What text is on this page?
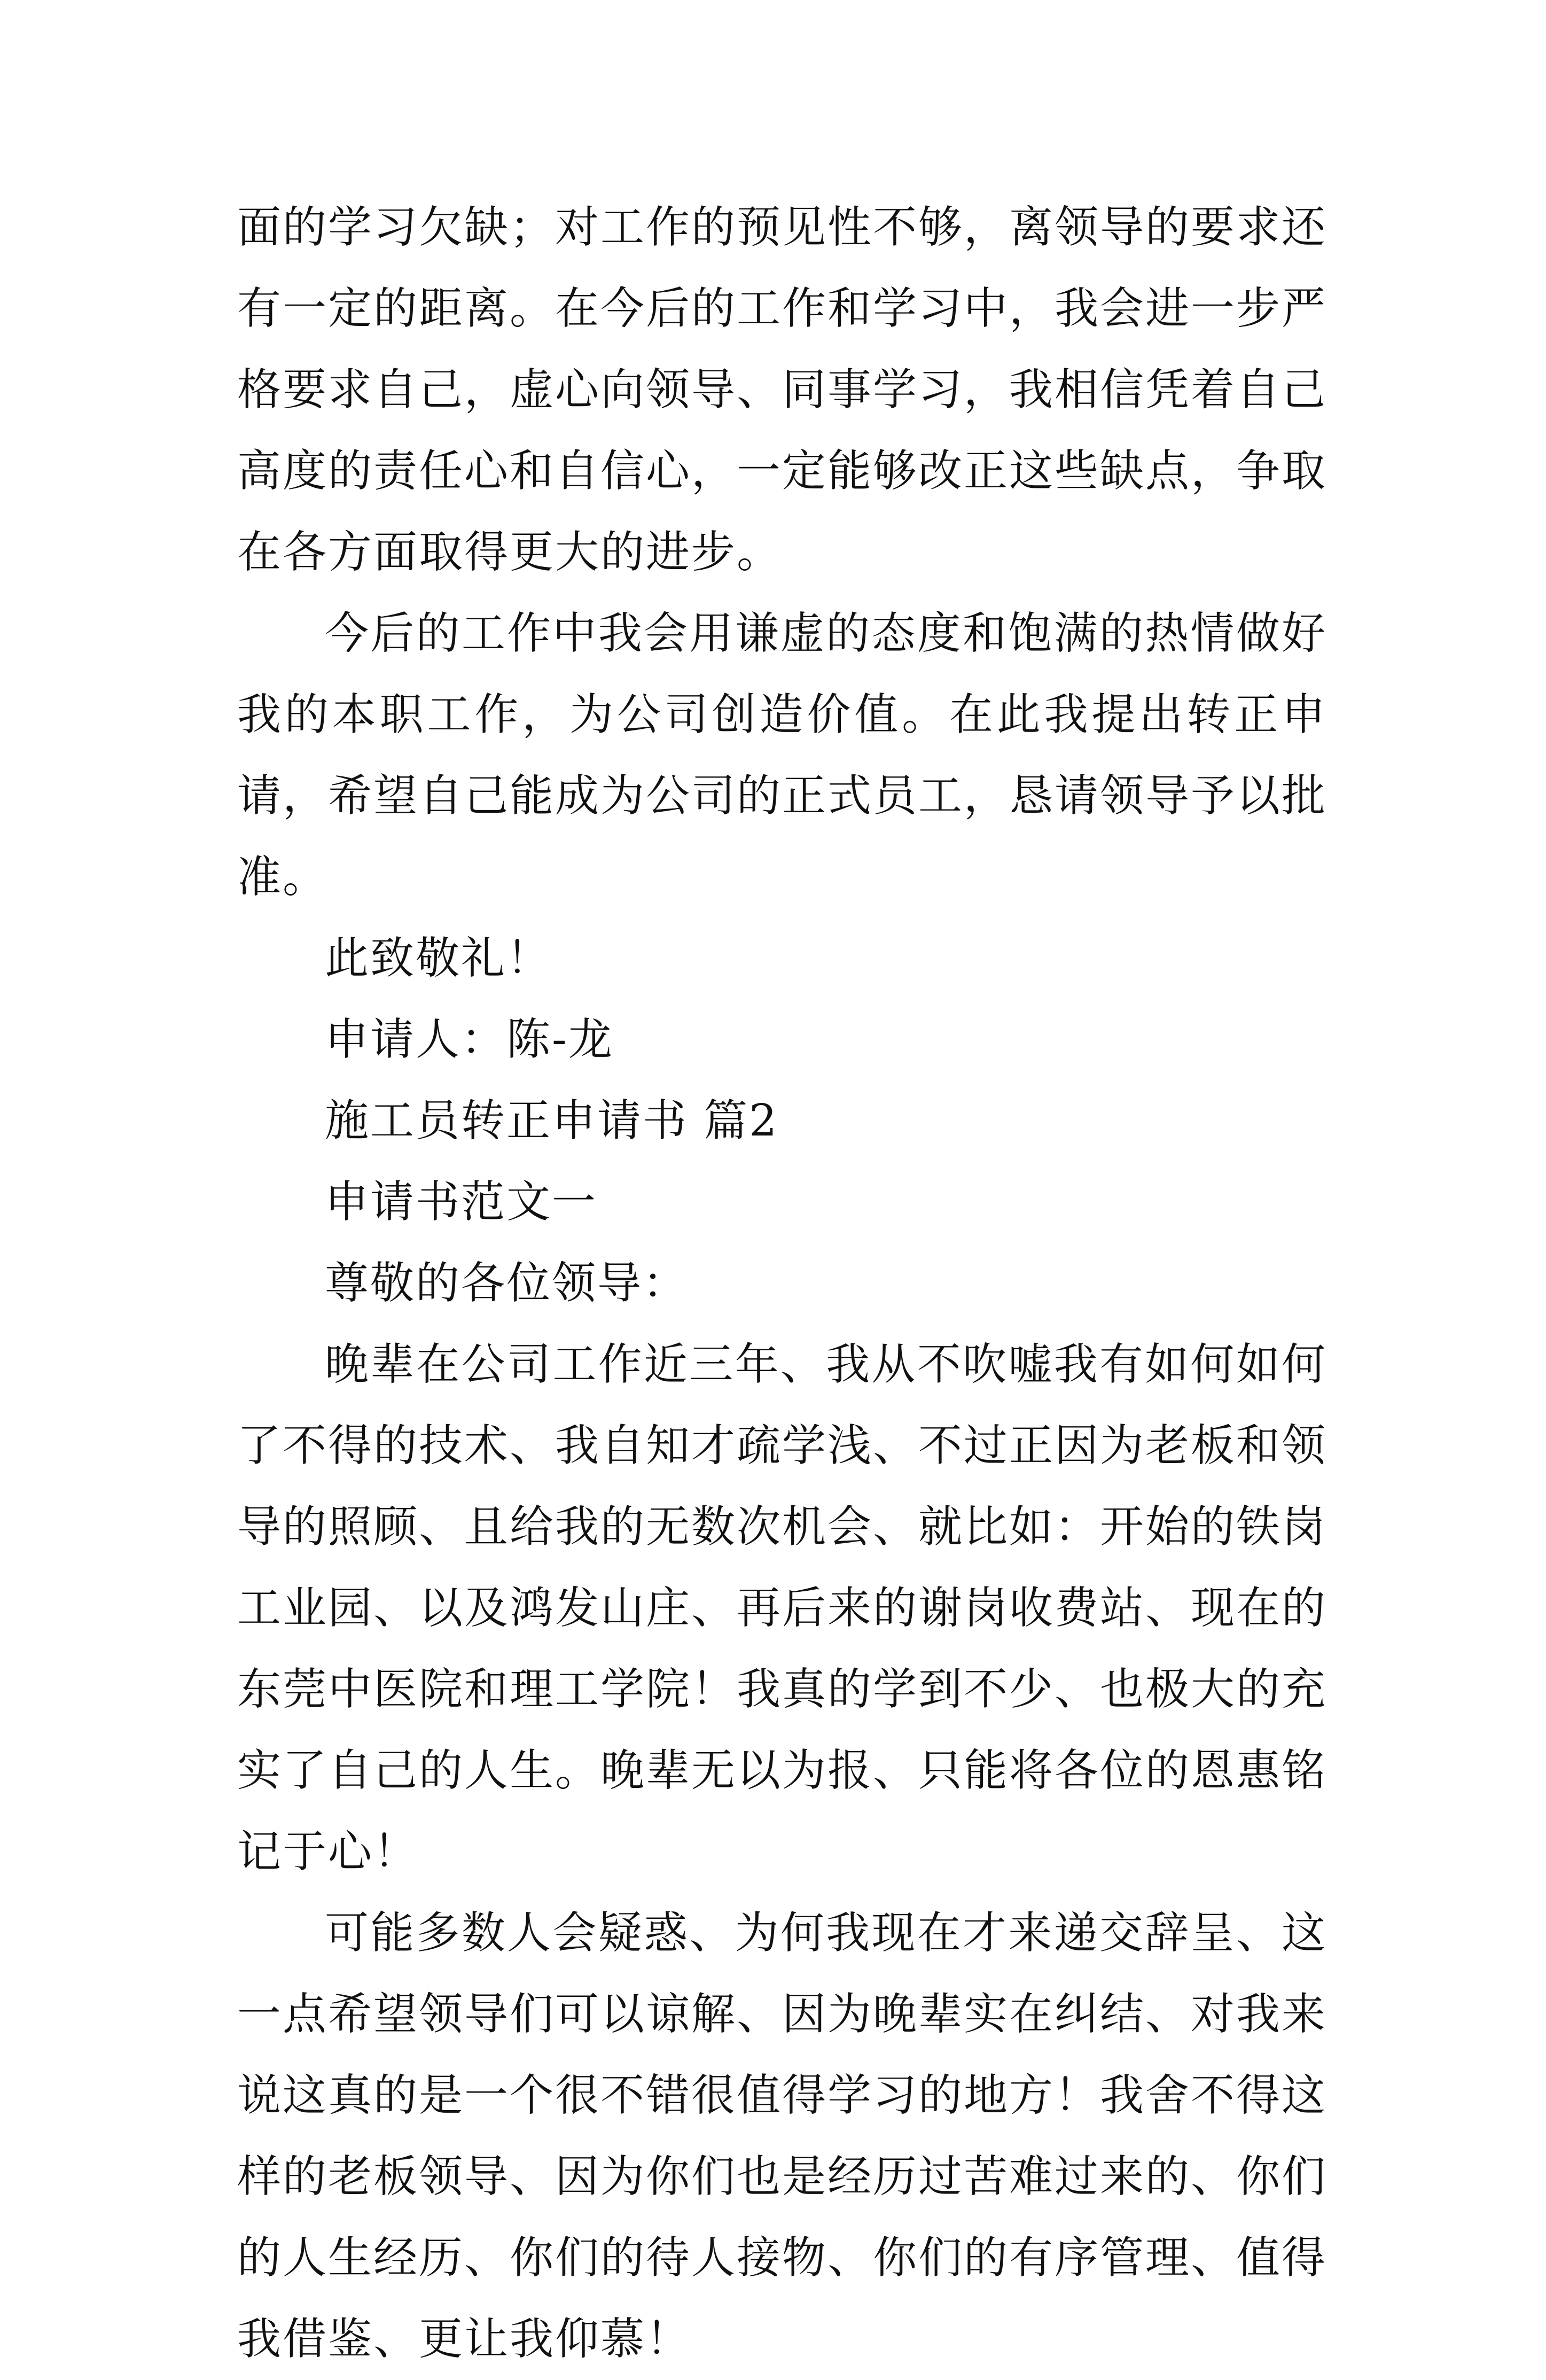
面的学习欠缺；对工作的预见性不够，离领导的要求还有一定的距离。在今后的工作和学习中，我会进一步严格要求自己，虚心向领导、同事学习，我相信凭着自己高度的责任心和自信心，一定能够改正这些缺点，争取在各方面取得更大的进步。

今后的工作中我会用谦虚的态度和饱满的热情做好我的本职工作，为公司创造价值。在此我提出转正申请，希望自己能成为公司的正式员工，恳请领导予以批准。

此致敬礼！

申请人：陈-龙

施工员转正申请书 篇2

申请书范文一

尊敬的各位领导：

晚辈在公司工作近三年、我从不吹嘘我有如何如何了不得的技术、我自知才疏学浅、不过正因为老板和领导的照顾、且给我的无数次机会、就比如：开始的铁岗工业园、以及鸿发山庄、再后来的谢岗收费站、现在的东莞中医院和理工学院！我真的学到不少、也极大的充实了自己的人生。晚辈无以为报、只能将各位的恩惠铭记于心！

可能多数人会疑惑、为何我现在才来递交辞呈、这一点希望领导们可以谅解、因为晚辈实在纠结、对我来说这真的是一个很不错很值得学习的地方！我舍不得这样的老板领导、因为你们也是经历过苦难过来的、你们的人生经历、你们的待人接物、你们的有序管理、值得我借鉴、更让我仰慕！
